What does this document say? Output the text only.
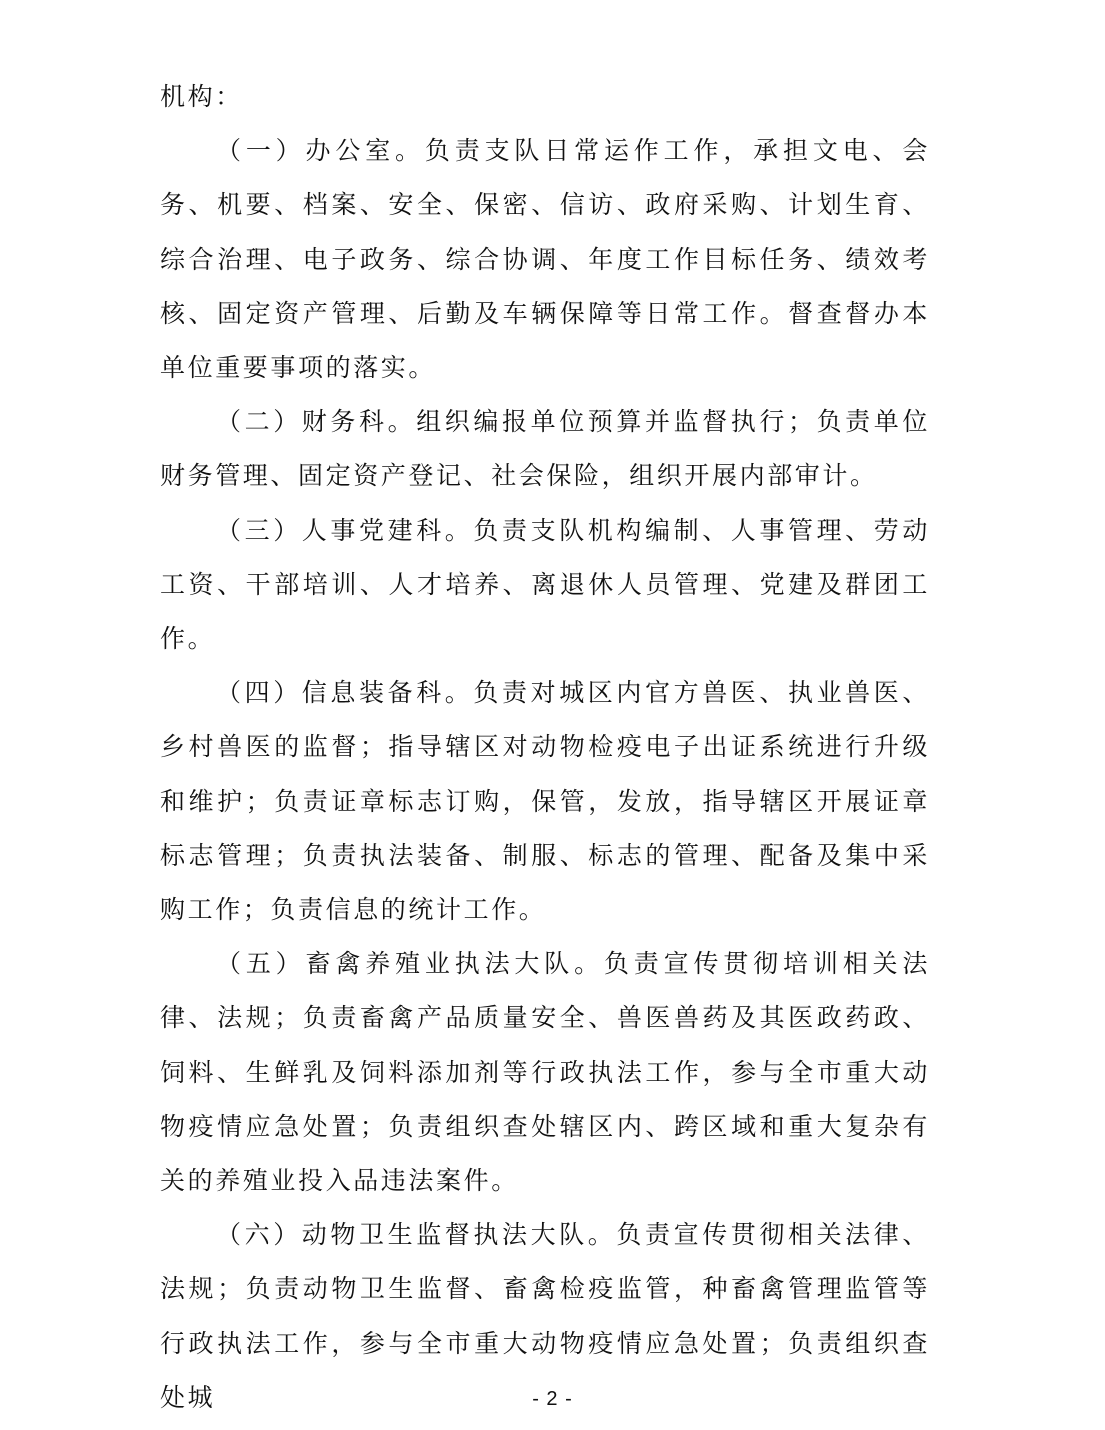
机构：

（一）办公室。负责支队日常运作工作，承担文电、会务、机要、档案、安全、保密、信访、政府采购、计划生育、综合治理、电子政务、综合协调、年度工作目标任务、绩效考核、固定资产管理、后勤及车辆保障等日常工作。督查督办本单位重要事项的落实。

（二）财务科。组织编报单位预算并监督执行；负责单位财务管理、固定资产登记、社会保险，组织开展内部审计。

（三）人事党建科。负责支队机构编制、人事管理、劳动工资、干部培训、人才培养、离退休人员管理、党建及群团工作。

（四）信息装备科。负责对城区内官方兽医、执业兽医、乡村兽医的监督；指导辖区对动物检疫电子出证系统进行升级和维护；负责证章标志订购，保管，发放，指导辖区开展证章标志管理；负责执法装备、制服、标志的管理、配备及集中采购工作；负责信息的统计工作。

（五）畜禽养殖业执法大队。负责宣传贯彻培训相关法律、法规；负责畜禽产品质量安全、兽医兽药及其医政药政、饲料、生鲜乳及饲料添加剂等行政执法工作，参与全市重大动物疫情应急处置；负责组织查处辖区内、跨区域和重大复杂有关的养殖业投入品违法案件。

（六）动物卫生监督执法大队。负责宣传贯彻相关法律、法规；负责动物卫生监督、畜禽检疫监管，种畜禽管理监管等行政执法工作，参与全市重大动物疫情应急处置；负责组织查处城	- 2 -
